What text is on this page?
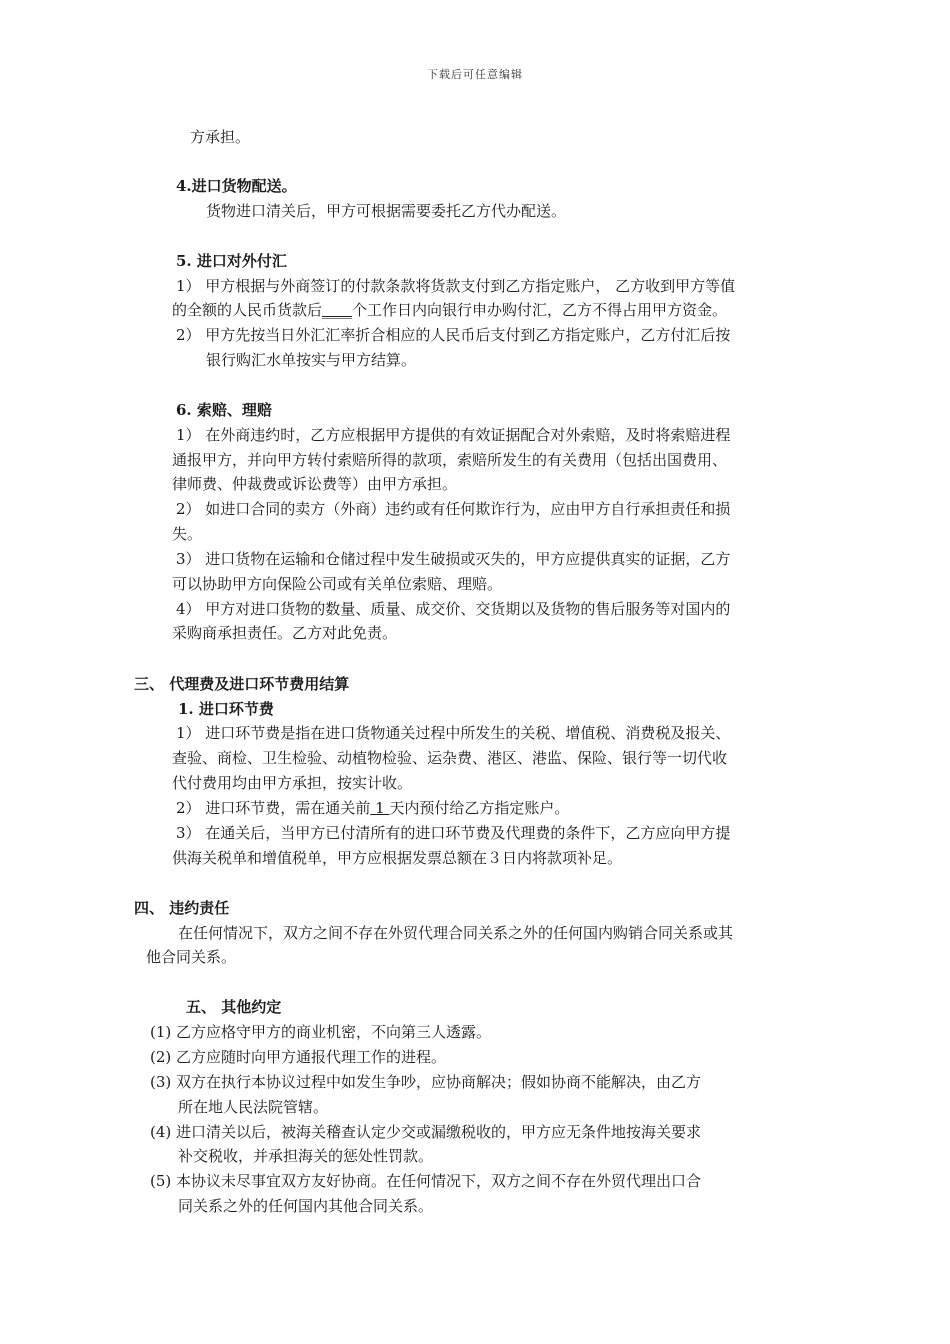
下载后可任意编辑
方承担。
4.进口货物配送。
货物进口清关后，甲方可根据需要委托乙方代办配送。
5. 进口对外付汇
1） 甲方根据与外商签订的付款条款将货款支付到乙方指定账户， 乙方收到甲方等值
的全额的人民币货款后____个工作日内向银行申办购付汇，乙方不得占用甲方资金。
2） 甲方先按当日外汇汇率折合相应的人民币后支付到乙方指定账户，乙方付汇后按
银行购汇水单按实与甲方结算。
6. 索赔、理赔
1） 在外商违约时，乙方应根据甲方提供的有效证据配合对外索赔，及时将索赔进程
通报甲方，并向甲方转付索赔所得的款项，索赔所发生的有关费用（包括出国费用、
律师费、仲裁费或诉讼费等）由甲方承担。
2） 如进口合同的卖方（外商）违约或有任何欺诈行为，应由甲方自行承担责任和损
失。
3） 进口货物在运输和仓储过程中发生破损或灭失的，甲方应提供真实的证据，乙方
可以协助甲方向保险公司或有关单位索赔、理赔。
4） 甲方对进口货物的数量、质量、成交价、交货期以及货物的售后服务等对国内的
采购商承担责任。乙方对此免责。
三、 代理费及进口环节费用结算
1. 进口环节费
1） 进口环节费是指在进口货物通关过程中所发生的关税、增值税、消费税及报关、
查验、商检、卫生检验、动植物检验、运杂费、港区、港监、保险、银行等一切代收
代付费用均由甲方承担，按实计收。
2） 进口环节费，需在通关前 1 天内预付给乙方指定账户。
3） 在通关后，当甲方已付清所有的进口环节费及代理费的条件下，乙方应向甲方提
供海关税单和增值税单，甲方应根据发票总额在３日内将款项补足。
四、 违约责任
在任何情况下，双方之间不存在外贸代理合同关系之外的任何国内购销合同关系或其
他合同关系。
五、 其他约定
(1) 乙方应格守甲方的商业机密，不向第三人透露。
(2) 乙方应随时向甲方通报代理工作的进程。
(3) 双方在执行本协议过程中如发生争吵，应协商解决；假如协商不能解决，由乙方
所在地人民法院管辖。
(4) 进口清关以后，被海关稽查认定少交或漏缴税收的，甲方应无条件地按海关要求
补交税收，并承担海关的惩处性罚款。
(5) 本协议未尽事宜双方友好协商。在任何情况下，双方之间不存在外贸代理出口合
同关系之外的任何国内其他合同关系。
